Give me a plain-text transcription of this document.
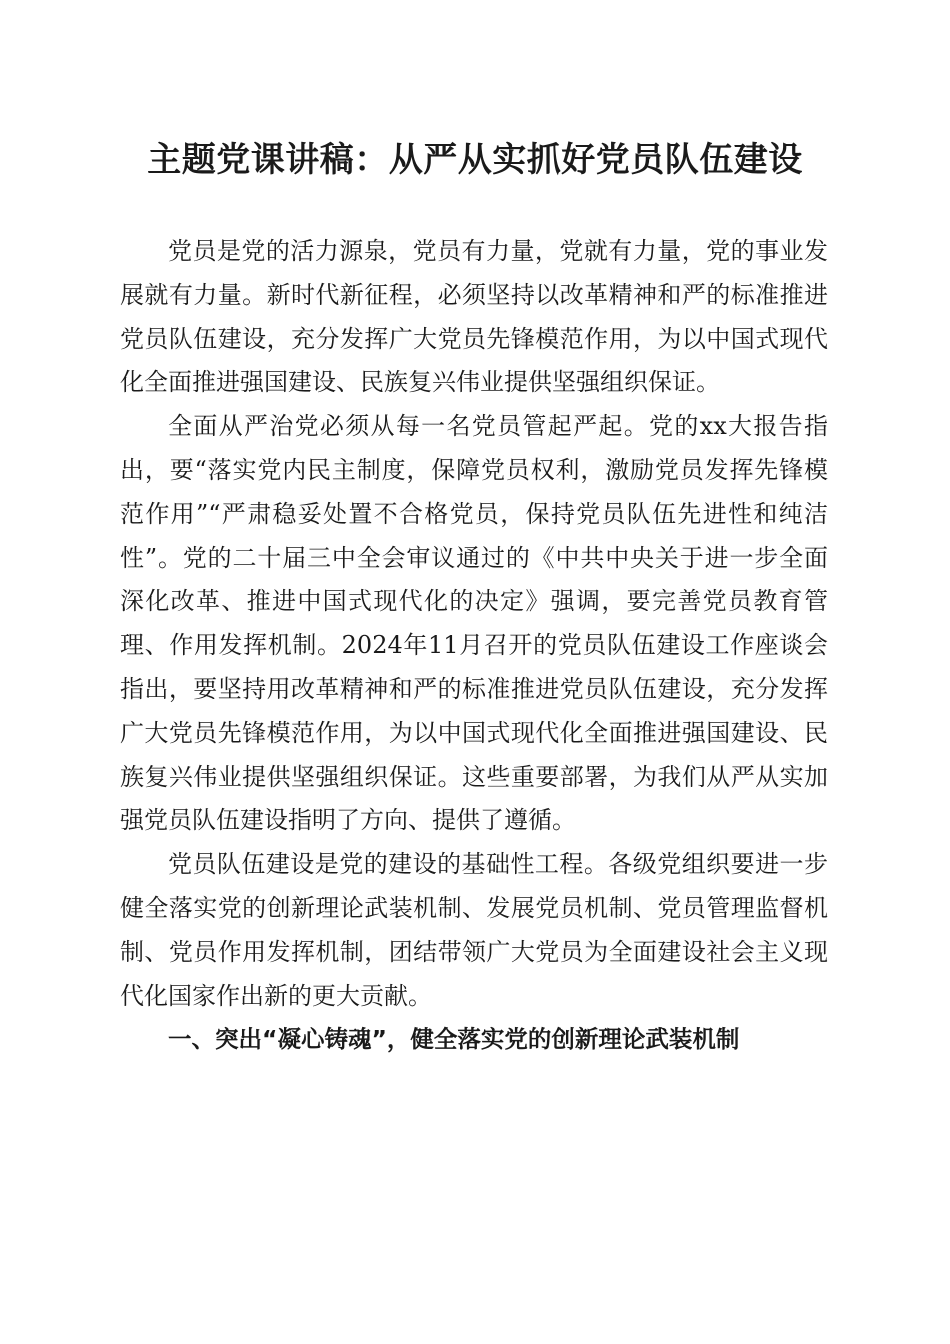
主题党课讲稿：从严从实抓好党员队伍建设

党员是党的活力源泉，党员有力量，党就有力量，党的事业发展就有力量。新时代新征程，必须坚持以改革精神和严的标准推进党员队伍建设，充分发挥广大党员先锋模范作用，为以中国式现代化全面推进强国建设、民族复兴伟业提供坚强组织保证。

全面从严治党必须从每一名党员管起严起。党的xx大报告指出，要“落实党内民主制度，保障党员权利，激励党员发挥先锋模范作用”“严肃稳妥处置不合格党员，保持党员队伍先进性和纯洁性”。党的二十届三中全会审议通过的《中共中央关于进一步全面深化改革、推进中国式现代化的决定》强调，要完善党员教育管理、作用发挥机制。2024年11月召开的党员队伍建设工作座谈会指出，要坚持用改革精神和严的标准推进党员队伍建设，充分发挥广大党员先锋模范作用，为以中国式现代化全面推进强国建设、民族复兴伟业提供坚强组织保证。这些重要部署，为我们从严从实加强党员队伍建设指明了方向、提供了遵循。

党员队伍建设是党的建设的基础性工程。各级党组织要进一步健全落实党的创新理论武装机制、发展党员机制、党员管理监督机制、党员作用发挥机制，团结带领广大党员为全面建设社会主义现代化国家作出新的更大贡献。

一、突出“凝心铸魂”，健全落实党的创新理论武装机制
